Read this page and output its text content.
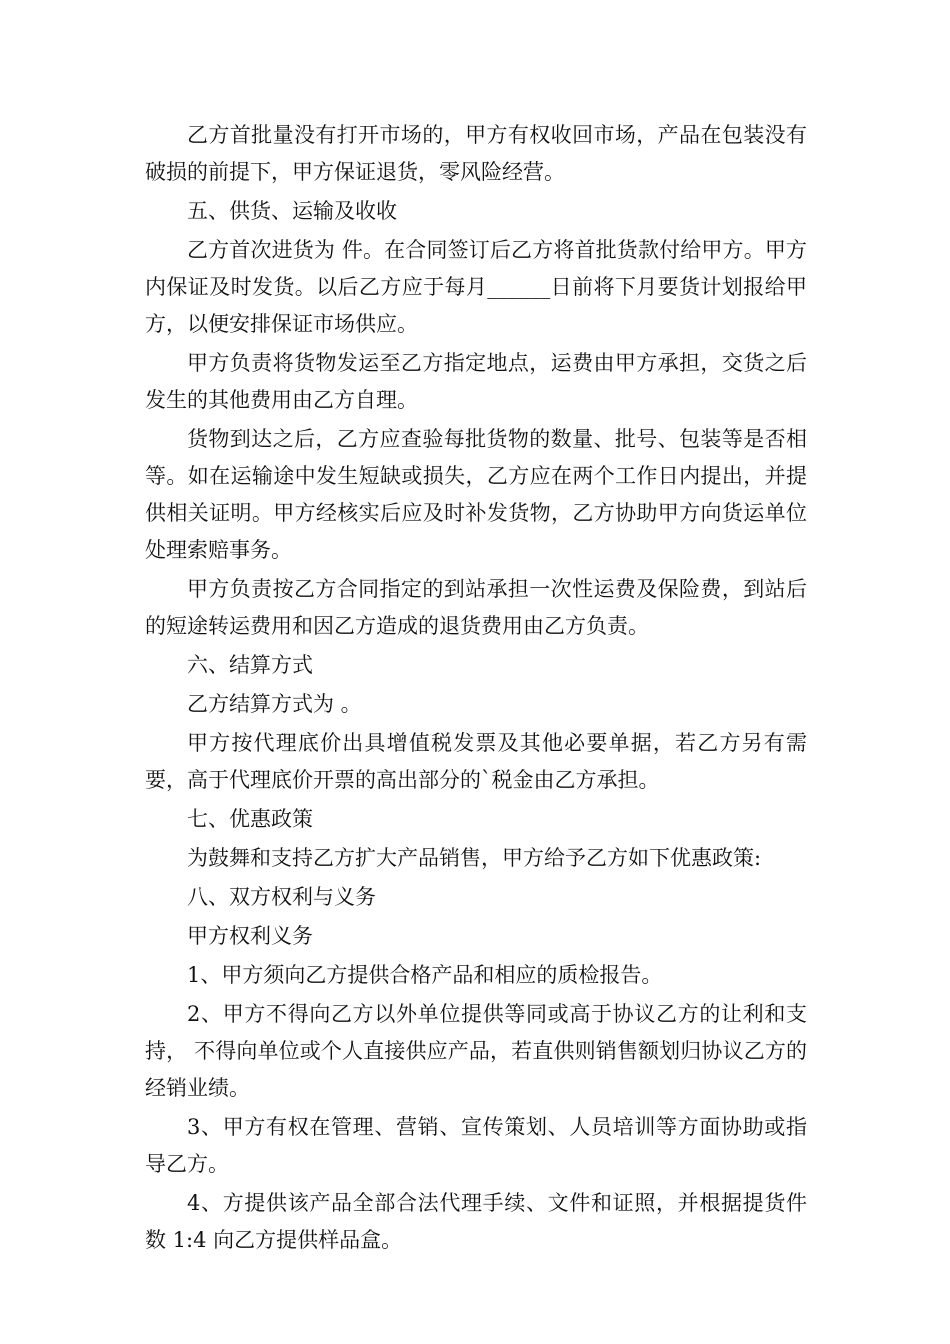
乙方首批量没有打开市场的，甲方有权收回市场，产品在包装没有破损的前提下，甲方保证退货，零风险经营。

五、供货、运输及收收

乙方首次进货为 件。在合同签订后乙方将首批货款付给甲方。甲方内保证及时发货。以后乙方应于每月______日前将下月要货计划报给甲方，以便安排保证市场供应。

甲方负责将货物发运至乙方指定地点，运费由甲方承担，交货之后发生的其他费用由乙方自理。

货物到达之后，乙方应查验每批货物的数量、批号、包装等是否相等。如在运输途中发生短缺或损失，乙方应在两个工作日内提出，并提供相关证明。甲方经核实后应及时补发货物，乙方协助甲方向货运单位处理索赔事务。

甲方负责按乙方合同指定的到站承担一次性运费及保险费，到站后的短途转运费用和因乙方造成的退货费用由乙方负责。

六、结算方式

乙方结算方式为 。

甲方按代理底价出具增值税发票及其他必要单据，若乙方另有需要，高于代理底价开票的高出部分的`税金由乙方承担。

七、优惠政策

为鼓舞和支持乙方扩大产品销售，甲方给予乙方如下优惠政策:

八、双方权利与义务

甲方权利义务

1、甲方须向乙方提供合格产品和相应的质检报告。

2、甲方不得向乙方以外单位提供等同或高于协议乙方的让利和支持， 不得向单位或个人直接供应产品，若直供则销售额划归协议乙方的经销业绩。

3、甲方有权在管理、营销、宣传策划、人员培训等方面协助或指导乙方。

4、方提供该产品全部合法代理手续、文件和证照，并根据提货件数 1:4 向乙方提供样品盒。
